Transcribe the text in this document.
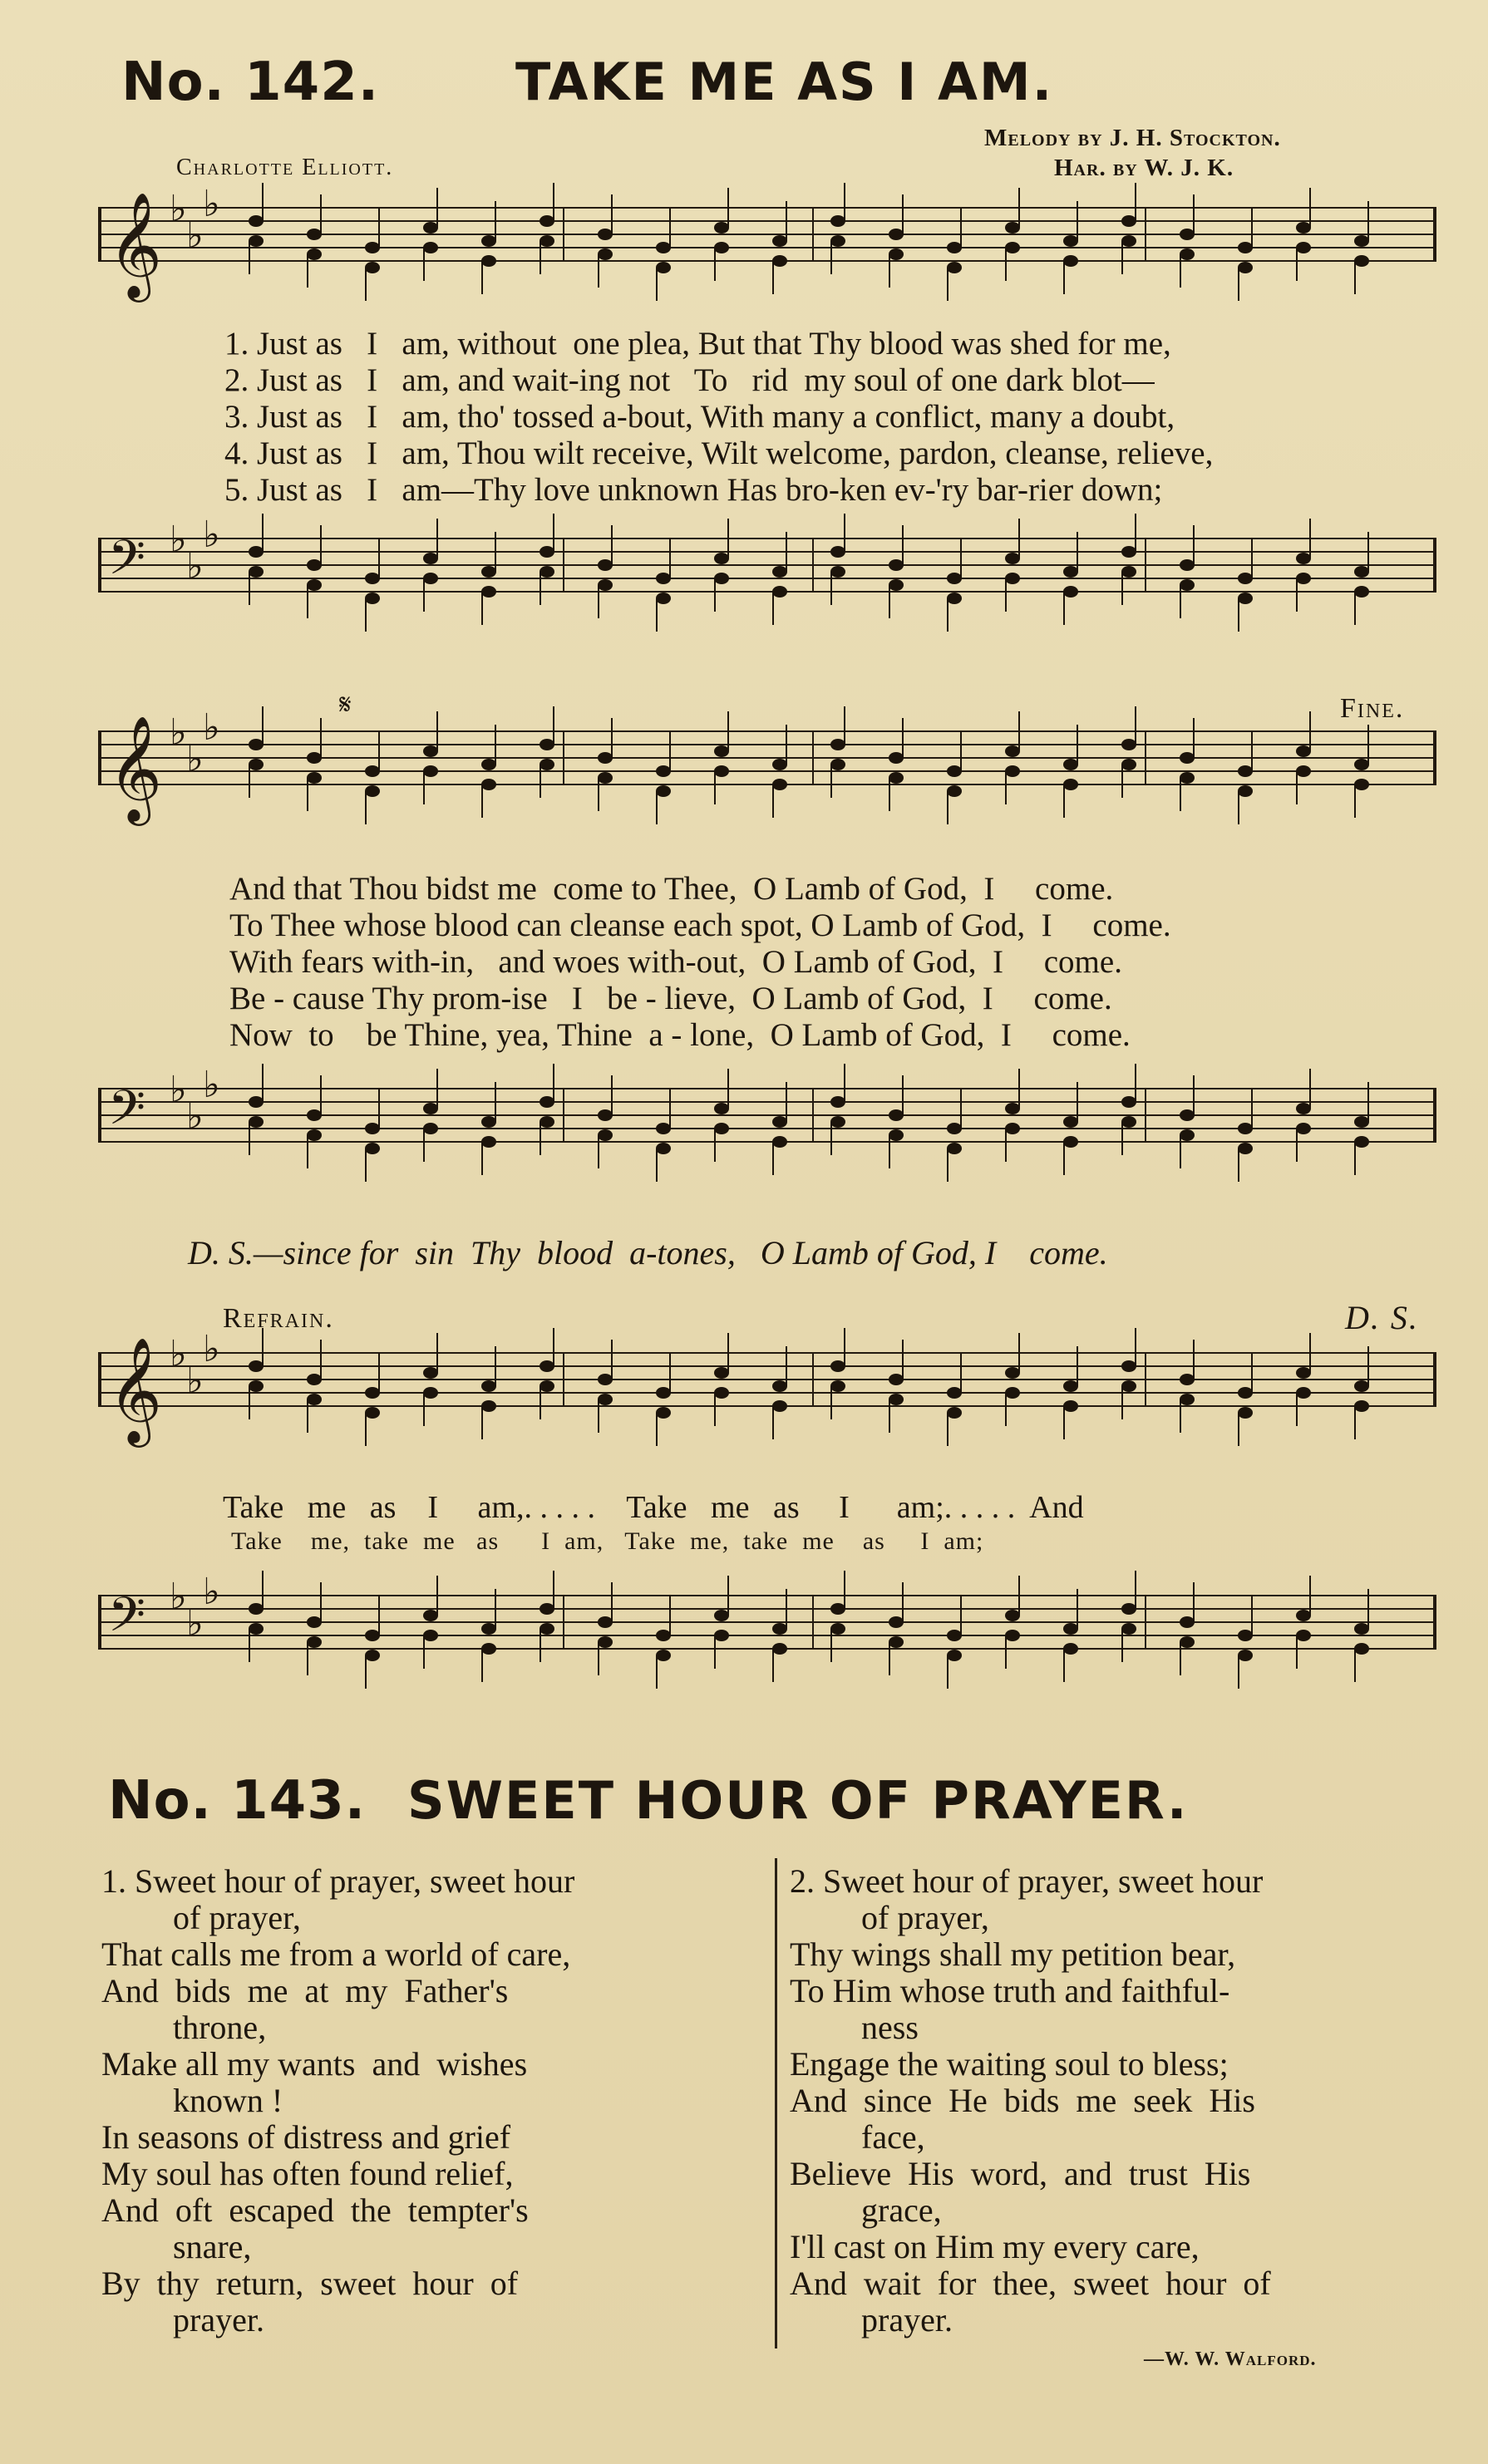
No. 142.	TAKE ME AS I AM.
Melody by J. H. Stockton.
Har. by W. J. K.
Charlotte Elliott.
𝄞 ♭
♭
♭
1. Just as   I   am, without  one plea, But that Thy blood was shed for me,
2. Just as   I   am, and wait-ing not   To   rid  my soul of one dark blot—
3. Just as   I   am, tho' tossed a-bout, With many a conflict, many a doubt,
4. Just as   I   am, Thou wilt receive, Wilt welcome, pardon, cleanse, relieve,
5. Just as   I   am—Thy love unknown Has bro-ken ev-'ry bar-rier down;
𝄢 ♭
♭
♭
𝄋	Fine.
𝄞 ♭
♭
♭
And that Thou bidst me  come to Thee,  O Lamb of God,  I     come.
To Thee whose blood can cleanse each spot, O Lamb of God,  I     come.
With fears with-in,   and woes with-out,  O Lamb of God,  I     come.
Be - cause Thy prom-ise   I   be - lieve,  O Lamb of God,  I     come.
Now  to    be Thine, yea, Thine  a - lone,  O Lamb of God,  I     come.
𝄢 ♭
♭
♭
D. S.—since for  sin  Thy  blood  a-tones,   O Lamb of God, I    come.
Refrain.	D. S.
𝄞 ♭
♭
♭
Take   me   as    I     am,. . . . .    Take   me   as     I      am;. . . . .  And
Take    me,  take  me   as      I  am,   Take  me,  take  me    as     I  am;
𝄢 ♭
♭
♭
No. 143. SWEET HOUR OF PRAYER.
1. Sweet hour of prayer, sweet hour
of prayer,
That calls me from a world of care,
And  bids  me  at  my  Father's
throne,
Make all my wants  and  wishes
known !
In seasons of distress and grief
My soul has often found relief,
And  oft  escaped  the  tempter's
snare,
By  thy  return,  sweet  hour  of
prayer.
2. Sweet hour of prayer, sweet hour
of prayer,
Thy wings shall my petition bear,
To Him whose truth and faithful-
ness
Engage the waiting soul to bless;
And  since  He  bids  me  seek  His
face,
Believe  His  word,  and  trust  His
grace,
I'll cast on Him my every care,
And  wait  for  thee,  sweet  hour  of
prayer.
—W. W. Walford.
